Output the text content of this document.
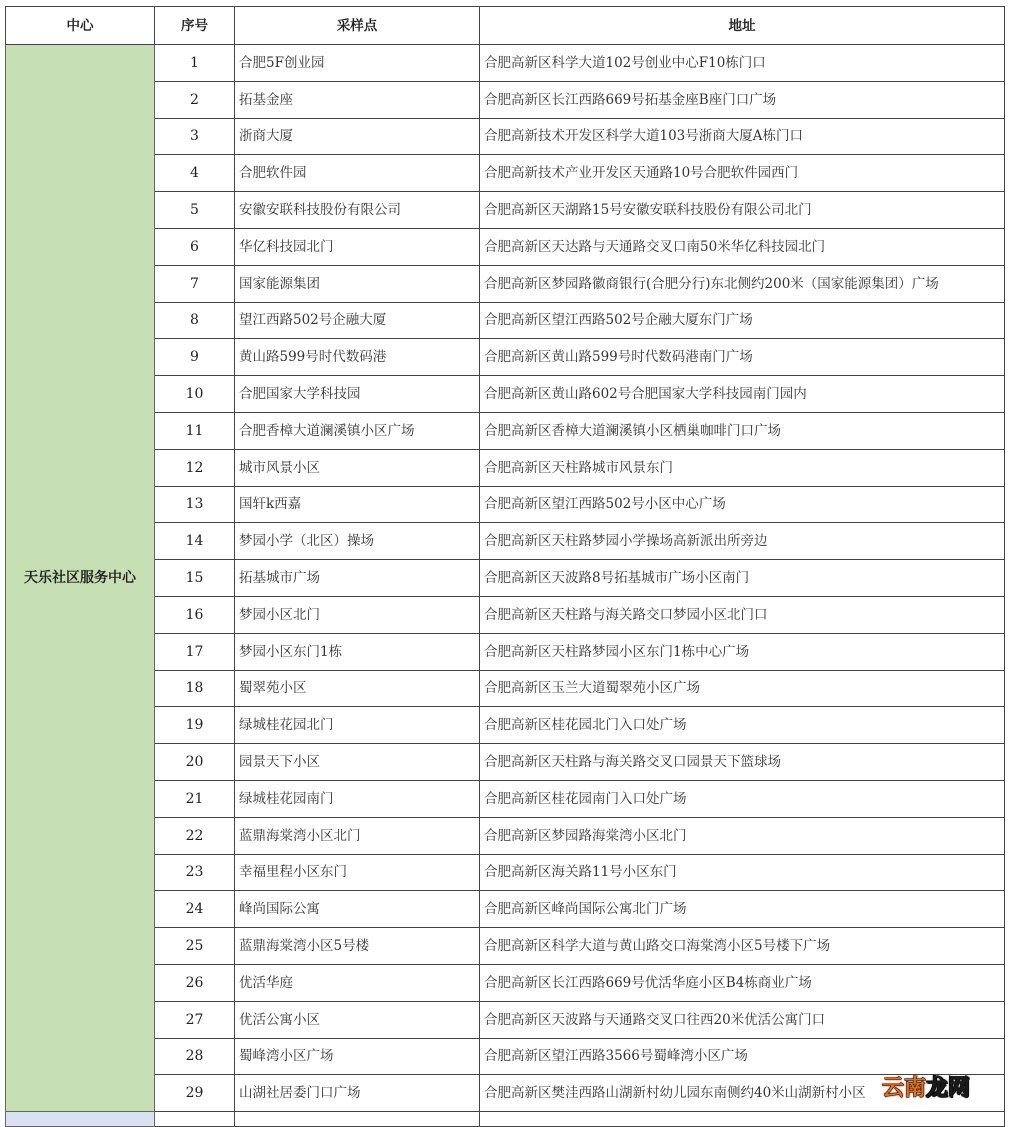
中心	序号	采样点	地址
天乐社区服务中心	1	合肥5F创业园	合肥高新区科学大道102号创业中心F10栋门口
	2	拓基金座	合肥高新区长江西路669号拓基金座B座门口广场
	3	浙商大厦	合肥高新技术开发区科学大道103号浙商大厦A栋门口
	4	合肥软件园	合肥高新技术产业开发区天通路10号合肥软件园西门
	5	安徽安联科技股份有限公司	合肥高新区天湖路15号安徽安联科技股份有限公司北门
	6	华亿科技园北门	合肥高新区天达路与天通路交叉口南50米华亿科技园北门
	7	国家能源集团	合肥高新区梦园路徽商银行(合肥分行)东北侧约200米（国家能源集团）广场
	8	望江西路502号企融大厦	合肥高新区望江西路502号企融大厦东门广场
	9	黄山路599号时代数码港	合肥高新区黄山路599号时代数码港南门广场
	10	合肥国家大学科技园	合肥高新区黄山路602号合肥国家大学科技园南门园内
	11	合肥香樟大道澜溪镇小区广场	合肥高新区香樟大道澜溪镇小区栖巢咖啡门口广场
	12	城市风景小区	合肥高新区天柱路城市风景东门
	13	国轩k西嘉	合肥高新区望江西路502号小区中心广场
	14	梦园小学（北区）操场	合肥高新区天柱路梦园小学操场高新派出所旁边
	15	拓基城市广场	合肥高新区天波路8号拓基城市广场小区南门
	16	梦园小区北门	合肥高新区天柱路与海关路交口梦园小区北门口
	17	梦园小区东门1栋	合肥高新区天柱路梦园小区东门1栋中心广场
	18	蜀翠苑小区	合肥高新区玉兰大道蜀翠苑小区广场
	19	绿城桂花园北门	合肥高新区桂花园北门入口处广场
	20	园景天下小区	合肥高新区天柱路与海关路交叉口园景天下篮球场
	21	绿城桂花园南门	合肥高新区桂花园南门入口处广场
	22	蓝鼎海棠湾小区北门	合肥高新区梦园路海棠湾小区北门
	23	幸福里程小区东门	合肥高新区海关路11号小区东门
	24	峰尚国际公寓	合肥高新区峰尚国际公寓北门广场
	25	蓝鼎海棠湾小区5号楼	合肥高新区科学大道与黄山路交口海棠湾小区5号楼下广场
	26	优活华庭	合肥高新区长江西路669号优活华庭小区B4栋商业广场
	27	优活公寓小区	合肥高新区天波路与天通路交叉口往西20米优活公寓门口
	28	蜀峰湾小区广场	合肥高新区望江西路3566号蜀峰湾小区广场
	29	山湖社居委门口广场	合肥高新区樊洼西路山湖新村幼儿园东南侧约40米山湖新村小区
			云南龙网
